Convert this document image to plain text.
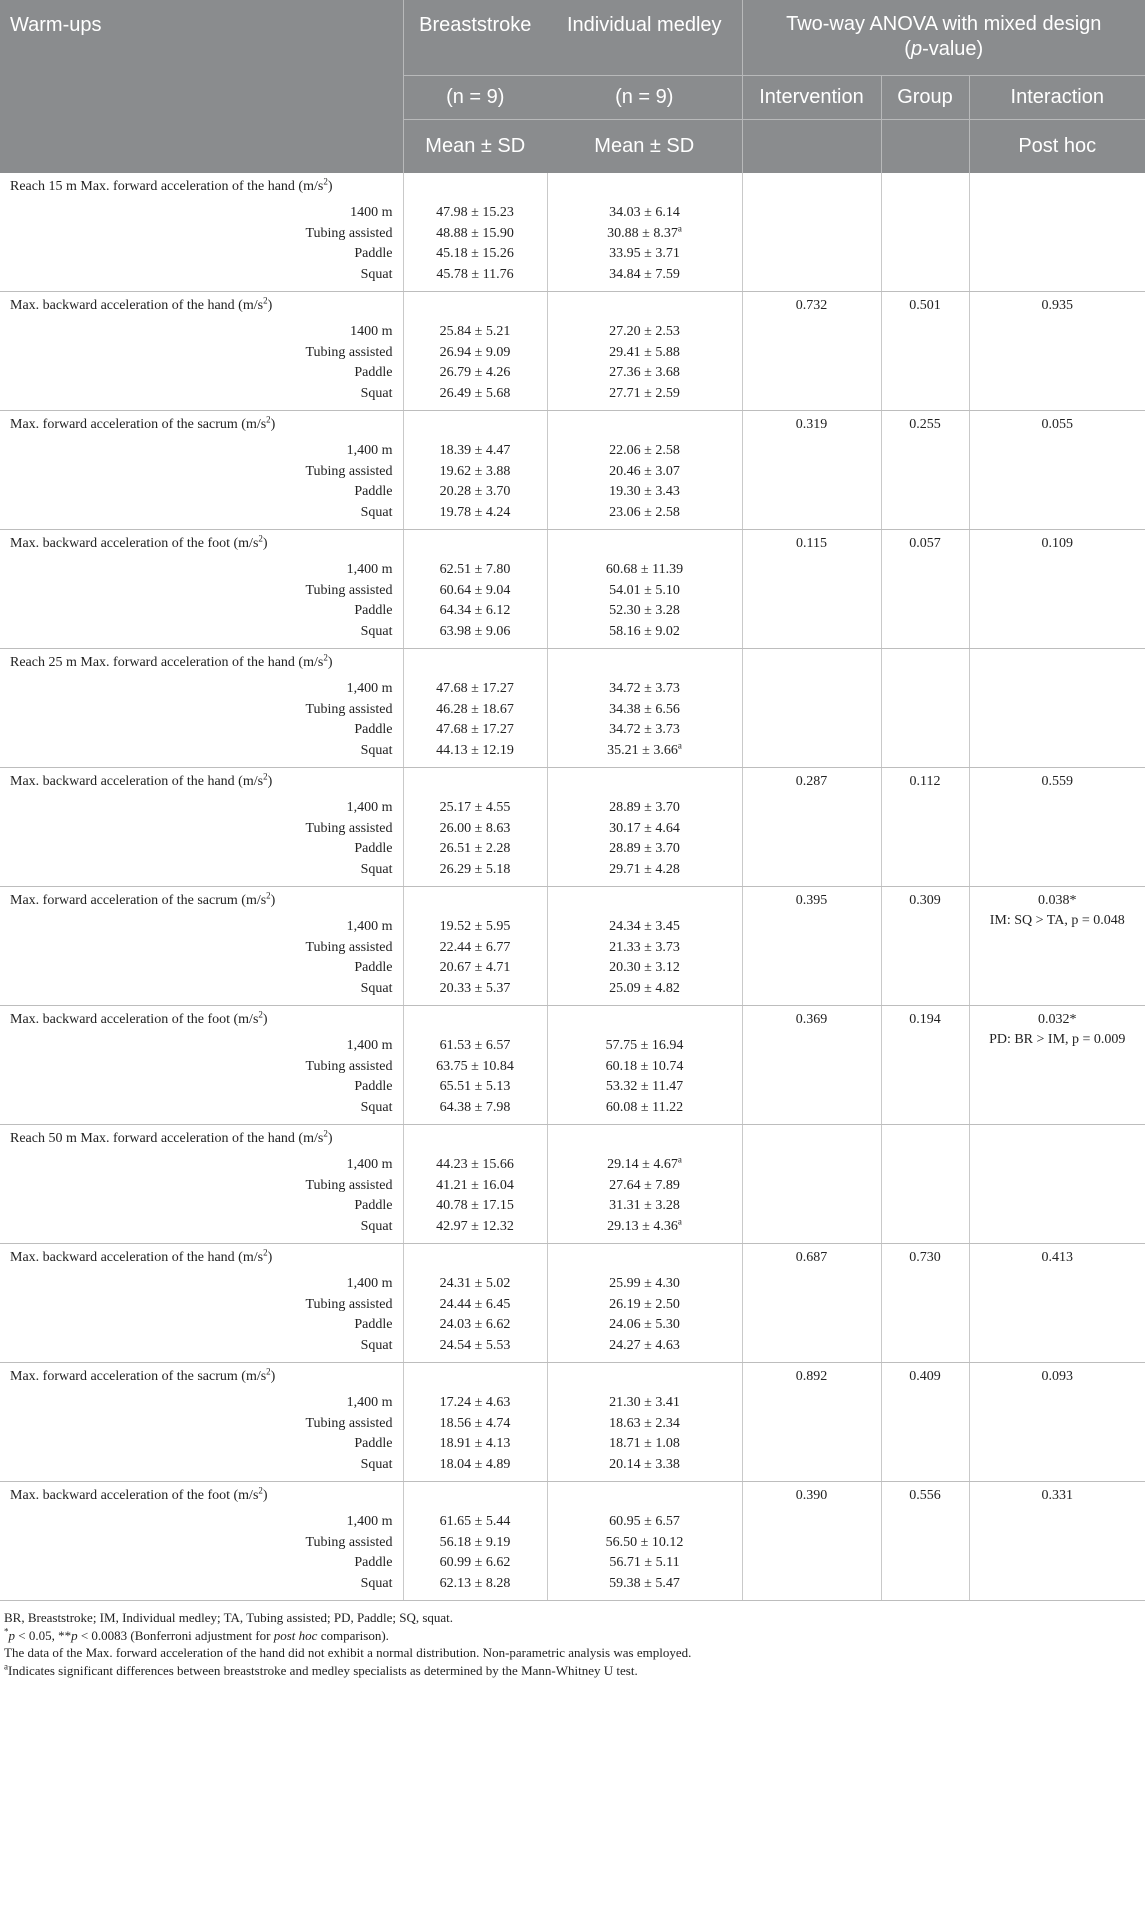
Warm-ups	Breaststroke	Individual medley	Two-way ANOVA with mixed design
(p-value)		
	(n = 9)	(n = 9)	Intervention	Group	Interaction
	Mean ± SD	Mean ± SD			Post hoc
Reach 15 m Max. forward acceleration of the hand $(m/s^2)$					

1400 m	47.98 ± 15.23	34.03 ± 6.14			
Tubing assisted	48.88 ± 15.90	30.88 ± 8.37$^a$
Paddle	45.18 ± 15.26	33.95 ± 3.71			
Squat	45.78 ± 11.76	34.84 ± 7.59			
Max. backward acceleration of the hand $(m/s^2)$			0.732	0.501	0.935

1400 m	25.84 ± 5.21	27.20 ± 2.53			
Tubing assisted	26.94 ± 9.09	29.41 ± 5.88			
Paddle	26.79 ± 4.26	27.36 ± 3.68			
Squat	26.49 ± 5.68	27.71 ± 2.59			
Max. forward acceleration of the sacrum $(m/s^2)$			0.319	0.255	0.055

1,400 m	18.39 ± 4.47	22.06 ± 2.58			
Tubing assisted	19.62 ± 3.88	20.46 ± 3.07			
Paddle	20.28 ± 3.70	19.30 ± 3.43			
Squat	19.78 ± 4.24	23.06 ± 2.58			
Max. backward acceleration of the foot $(m/s^2)$			0.115	0.057	0.109

1,400 m	62.51 ± 7.80	60.68 ± 11.39			
Tubing assisted	60.64 ± 9.04	54.01 ± 5.10			
Paddle	64.34 ± 6.12	52.30 ± 3.28			
Squat	63.98 ± 9.06	58.16 ± 9.02			
Reach 25 m Max. forward acceleration of the hand $(m/s^2)$					

1,400 m	47.68 ± 17.27	34.72 ± 3.73			
Tubing assisted	46.28 ± 18.67	34.38 ± 6.56			
Paddle	47.68 ± 17.27	34.72 ± 3.73			
Squat	44.13 ± 12.19	35.21 ± 3.66$^a$
Max. backward acceleration of the hand $(m/s^2)$			0.287	0.112	0.559

1,400 m	25.17 ± 4.55	28.89 ± 3.70			
Tubing assisted	26.00 ± 8.63	30.17 ± 4.64			
Paddle	26.51 ± 2.28	28.89 ± 3.70			
Squat	26.29 ± 5.18	29.71 ± 4.28			
Max. forward acceleration of the sacrum $(m/s^2)$			0.395	0.309	0.038*
IM: SQ > TA, p = 0.048

1,400 m	19.52 ± 5.95	24.34 ± 3.45			
Tubing assisted	22.44 ± 6.77	21.33 ± 3.73			
Paddle	20.67 ± 4.71	20.30 ± 3.12			
Squat	20.33 ± 5.37	25.09 ± 4.82			
Max. backward acceleration of the foot $(m/s^2)$			0.369	0.194	0.032*
PD: BR > IM, p = 0.009

1,400 m	61.53 ± 6.57	57.75 ± 16.94			
Tubing assisted	63.75 ± 10.84	60.18 ± 10.74			
Paddle	65.51 ± 5.13	53.32 ± 11.47			
Squat	64.38 ± 7.98	60.08 ± 11.22			
Reach 50 m Max. forward acceleration of the hand $(m/s^2)$					

1,400 m	44.23 ± 15.66	29.14 ± 4.67$^a$
Tubing assisted	41.21 ± 16.04	27.64 ± 7.89			
Paddle	40.78 ± 17.15	31.31 ± 3.28			
Squat	42.97 ± 12.32	29.13 ± 4.36$^a$
Max. backward acceleration of the hand $(m/s^2)$			0.687	0.730	0.413

1,400 m	24.31 ± 5.02	25.99 ± 4.30			
Tubing assisted	24.44 ± 6.45	26.19 ± 2.50			
Paddle	24.03 ± 6.62	24.06 ± 5.30			
Squat	24.54 ± 5.53	24.27 ± 4.63			
Max. forward acceleration of the sacrum $(m/s^2)$			0.892	0.409	0.093

1,400 m	17.24 ± 4.63	21.30 ± 3.41			
Tubing assisted	18.56 ± 4.74	18.63 ± 2.34			
Paddle	18.91 ± 4.13	18.71 ± 1.08			
Squat	18.04 ± 4.89	20.14 ± 3.38			
Max. backward acceleration of the foot $(m/s^2)$			0.390	0.556	0.331

1,400 m	61.65 ± 5.44	60.95 ± 6.57			
Tubing assisted	56.18 ± 9.19	56.50 ± 10.12			
Paddle	60.99 ± 6.62	56.71 ± 5.11			
Squat	62.13 ± 8.28	59.38 ± 5.47			
BR, Breaststroke; IM, Individual medley; TA, Tubing assisted; PD, Paddle; SQ, squat.
*p < 0.05, **p < 0.0083 (Bonferroni adjustment for post hoc comparison).
The data of the Max. forward acceleration of the hand did not exhibit a normal distribution. Non-parametric analysis was employed.
$^a$Indicates significant differences between breaststroke and medley specialists as determined by the Mann-Whitney U test.
